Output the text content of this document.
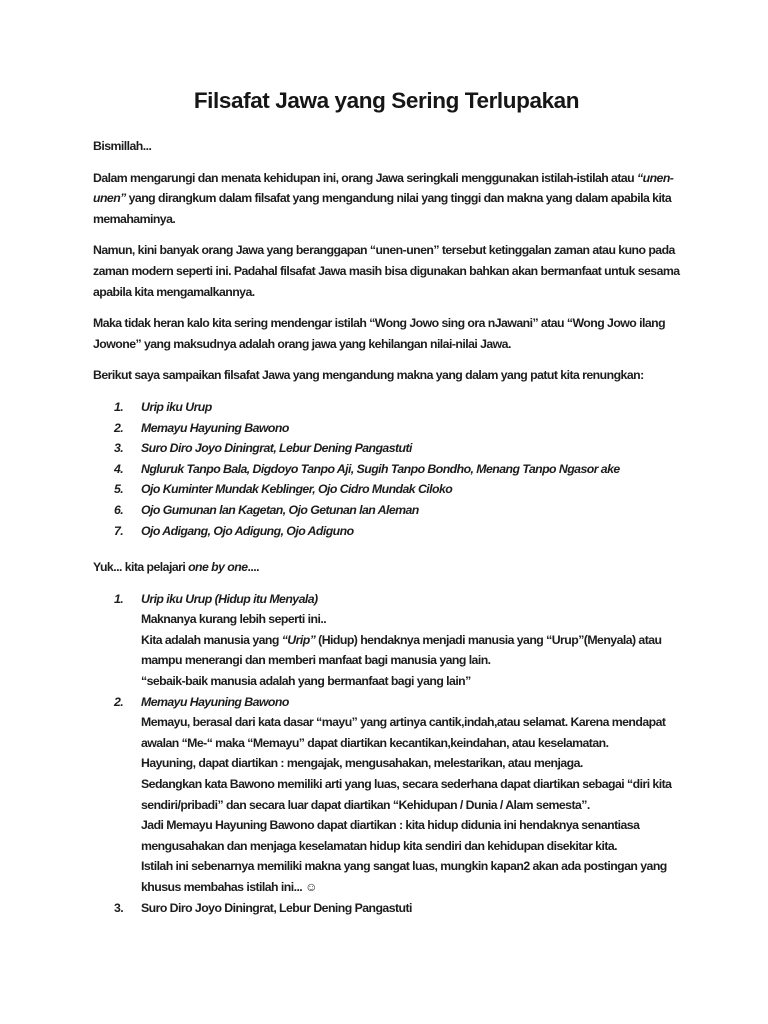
Filsafat Jawa yang Sering Terlupakan

Bismillah...

Dalam mengarungi dan menata kehidupan ini, orang Jawa seringkali menggunakan istilah-istilah atau “unen-unen” yang dirangkum dalam filsafat yang mengandung nilai yang tinggi dan makna yang dalam apabila kita memahaminya.

Namun, kini banyak orang Jawa yang beranggapan “unen-unen” tersebut ketinggalan zaman atau kuno pada zaman modern seperti ini. Padahal filsafat Jawa masih bisa digunakan bahkan akan bermanfaat untuk sesama apabila kita mengamalkannya.

Maka tidak heran kalo kita sering mendengar istilah “Wong Jowo sing ora nJawani” atau “Wong Jowo ilang Jowone” yang maksudnya adalah orang jawa yang kehilangan nilai-nilai Jawa.

Berikut saya sampaikan filsafat Jawa yang mengandung makna yang dalam yang patut kita renungkan:

Urip iku Urup
Memayu Hayuning Bawono
Suro Diro Joyo Diningrat, Lebur Dening Pangastuti
Ngluruk Tanpo Bala, Digdoyo Tanpo Aji, Sugih Tanpo Bondho, Menang Tanpo Ngasor ake
Ojo Kuminter Mundak Keblinger, Ojo Cidro Mundak Ciloko
Ojo Gumunan lan Kagetan, Ojo Getunan lan Aleman
Ojo Adigang, Ojo Adigung, Ojo Adiguno

Yuk... kita pelajari one by one....

Urip iku Urup (Hidup itu Menyala)

Maknanya kurang lebih seperti ini..

Kita adalah manusia yang “Urip” (Hidup) hendaknya menjadi manusia yang “Urup”(Menyala) atau mampu menerangi dan memberi manfaat bagi manusia yang lain.

“sebaik-baik manusia adalah yang bermanfaat bagi yang lain”

Memayu Hayuning Bawono

Memayu, berasal dari kata dasar “mayu” yang artinya cantik,indah,atau selamat. Karena mendapat awalan “Me-“ maka “Memayu” dapat diartikan kecantikan,keindahan, atau keselamatan.

Hayuning, dapat diartikan : mengajak, mengusahakan, melestarikan, atau menjaga.

Sedangkan kata Bawono memiliki arti yang luas, secara sederhana dapat diartikan sebagai “diri kita sendiri/pribadi” dan secara luar dapat diartikan “Kehidupan / Dunia / Alam semesta”.

Jadi Memayu Hayuning Bawono dapat diartikan : kita hidup didunia ini hendaknya senantiasa mengusahakan dan menjaga keselamatan hidup kita sendiri dan kehidupan disekitar kita.

Istilah ini sebenarnya memiliki makna yang sangat luas, mungkin kapan2 akan ada postingan yang khusus membahas istilah ini... ☺

Suro Diro Joyo Diningrat, Lebur Dening Pangastuti
